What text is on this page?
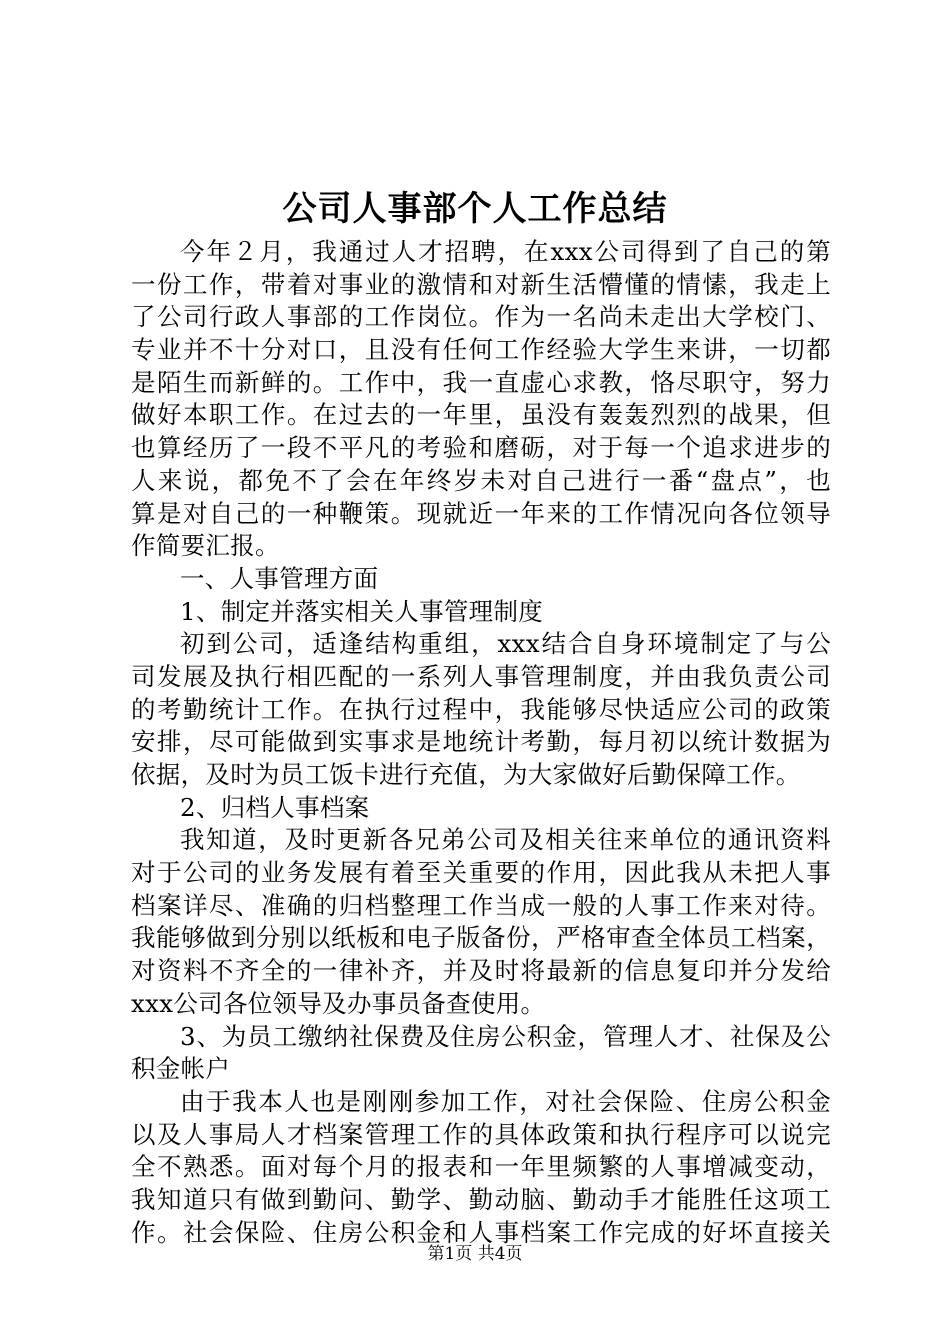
公司人事部个人工作总结
今年２月，我通过人才招聘，在xxx公司得到了自己的第
一份工作，带着对事业的激情和对新生活懵懂的情愫，我走上
了公司行政人事部的工作岗位。作为一名尚未走出大学校门、
专业并不十分对口，且没有任何工作经验大学生来讲，一切都
是陌生而新鲜的。工作中，我一直虚心求教，恪尽职守，努力
做好本职工作。在过去的一年里，虽没有轰轰烈烈的战果，但
也算经历了一段不平凡的考验和磨砺，对于每一个追求进步的
人来说，都免不了会在年终岁未对自己进行一番“盘点”，也
算是对自己的一种鞭策。现就近一年来的工作情况向各位领导
作简要汇报。
一、人事管理方面
1、制定并落实相关人事管理制度
初到公司，适逢结构重组，xxx结合自身环境制定了与公
司发展及执行相匹配的一系列人事管理制度，并由我负责公司
的考勤统计工作。在执行过程中，我能够尽快适应公司的政策
安排，尽可能做到实事求是地统计考勤，每月初以统计数据为
依据，及时为员工饭卡进行充值，为大家做好后勤保障工作。
2、归档人事档案
我知道，及时更新各兄弟公司及相关往来单位的通讯资料
对于公司的业务发展有着至关重要的作用，因此我从未把人事
档案详尽、准确的归档整理工作当成一般的人事工作来对待。
我能够做到分别以纸板和电子版备份，严格审查全体员工档案，
对资料不齐全的一律补齐，并及时将最新的信息复印并分发给
xxx公司各位领导及办事员备查使用。
3、为员工缴纳社保费及住房公积金，管理人才、社保及公
积金帐户
由于我本人也是刚刚参加工作，对社会保险、住房公积金
以及人事局人才档案管理工作的具体政策和执行程序可以说完
全不熟悉。面对每个月的报表和一年里频繁的人事增减变动，
我知道只有做到勤问、勤学、勤动脑、勤动手才能胜任这项工
作。社会保险、住房公积金和人事档案工作完成的好坏直接关
第1页 共4页
